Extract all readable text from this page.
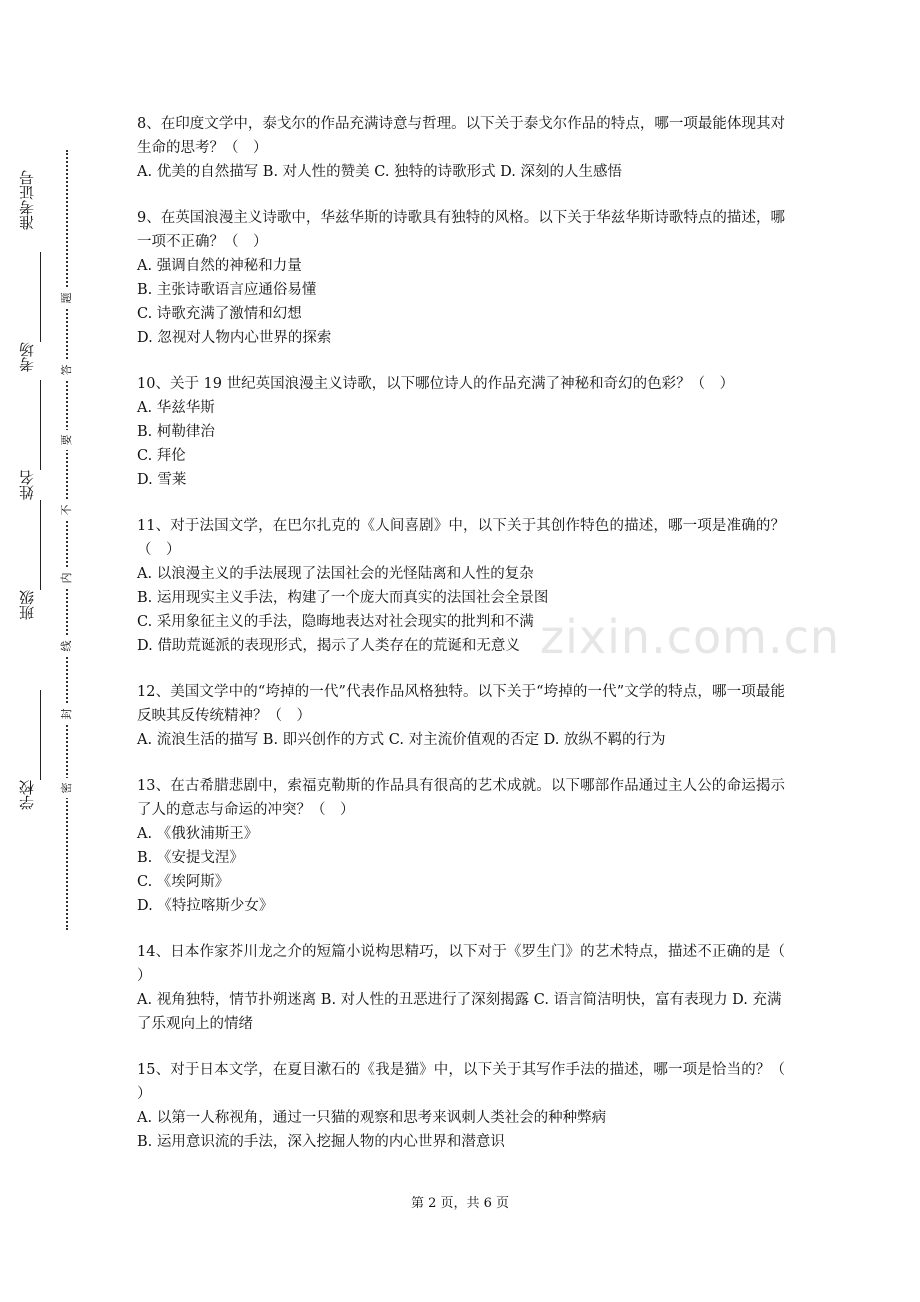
学校
班级
姓名
考场
准考证号
密
封
线
内
不
要
答
题
zixin.com.cn

8、在印度文学中，泰戈尔的作品充满诗意与哲理。以下关于泰戈尔作品的特点，哪一项最能体现其对生命的思考？（　）

A. 优美的自然描写 B. 对人性的赞美 C. 独特的诗歌形式 D. 深刻的人生感悟

9、在英国浪漫主义诗歌中，华兹华斯的诗歌具有独特的风格。以下关于华兹华斯诗歌特点的描述，哪一项不正确？（　）

A. 强调自然的神秘和力量

B. 主张诗歌语言应通俗易懂

C. 诗歌充满了激情和幻想

D. 忽视对人物内心世界的探索

10、关于 19 世纪英国浪漫主义诗歌，以下哪位诗人的作品充满了神秘和奇幻的色彩？（　）

A. 华兹华斯

B. 柯勒律治

C. 拜伦

D. 雪莱

11、对于法国文学，在巴尔扎克的《人间喜剧》中，以下关于其创作特色的描述，哪一项是准确的？（　）

A. 以浪漫主义的手法展现了法国社会的光怪陆离和人性的复杂

B. 运用现实主义手法，构建了一个庞大而真实的法国社会全景图

C. 采用象征主义的手法，隐晦地表达对社会现实的批判和不满

D. 借助荒诞派的表现形式，揭示了人类存在的荒诞和无意义

12、美国文学中的“垮掉的一代”代表作品风格独特。以下关于“垮掉的一代”文学的特点，哪一项最能反映其反传统精神？（　）

A. 流浪生活的描写 B. 即兴创作的方式 C. 对主流价值观的否定 D. 放纵不羁的行为

13、在古希腊悲剧中，索福克勒斯的作品具有很高的艺术成就。以下哪部作品通过主人公的命运揭示了人的意志与命运的冲突？（　）

A. 《俄狄浦斯王》

B. 《安提戈涅》

C. 《埃阿斯》

D. 《特拉喀斯少女》

14、日本作家芥川龙之介的短篇小说构思精巧，以下对于《罗生门》的艺术特点，描述不正确的是（ ）

A. 视角独特，情节扑朔迷离 B. 对人性的丑恶进行了深刻揭露 C. 语言简洁明快，富有表现力 D. 充满了乐观向上的情绪

15、对于日本文学，在夏目漱石的《我是猫》中，以下关于其写作手法的描述，哪一项是恰当的？（ ）

A. 以第一人称视角，通过一只猫的观察和思考来讽刺人类社会的种种弊病

B. 运用意识流的手法，深入挖掘人物的内心世界和潜意识

第 2 页，共 6 页
